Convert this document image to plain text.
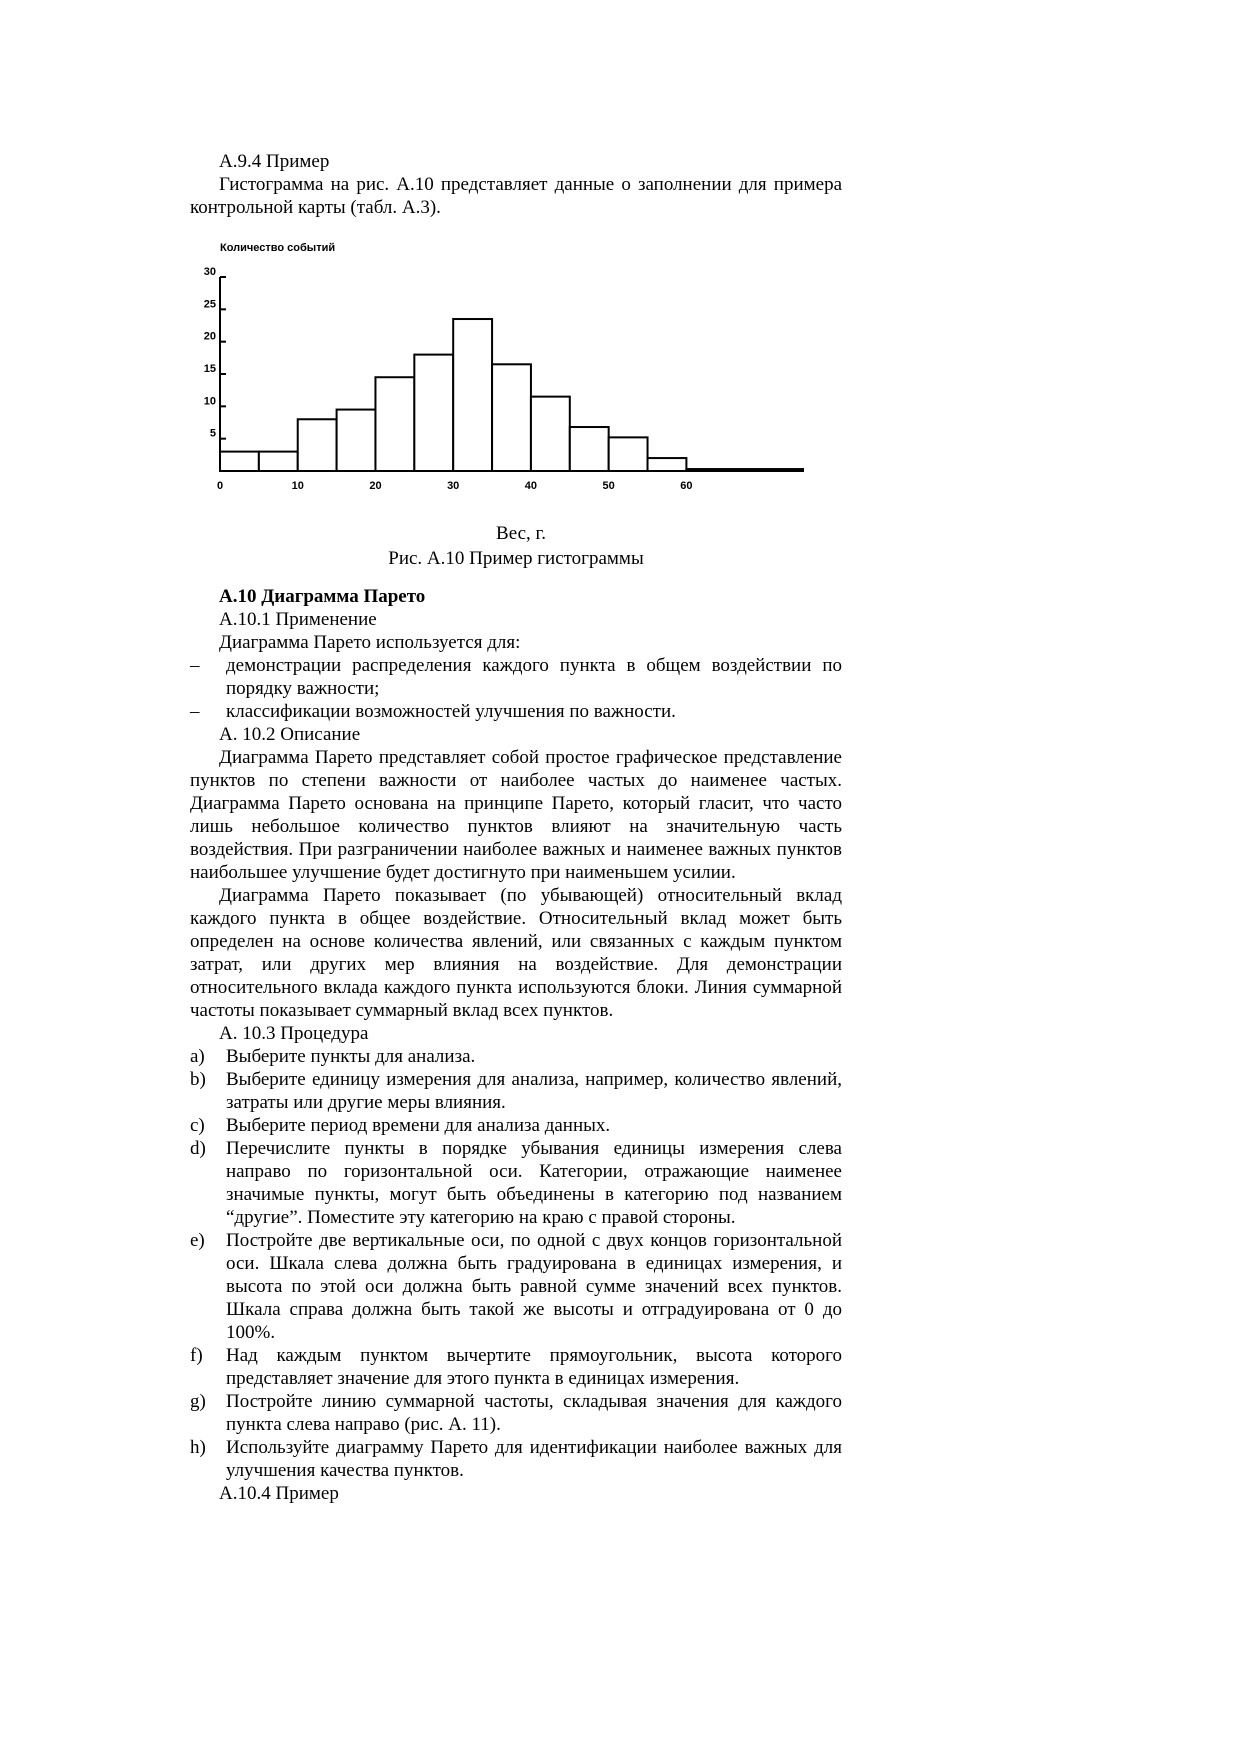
А.9.4 Пример

Гистограмма на рис. А.10 представляет данные о заполнении для примера контрольной карты (табл. А.3).

Количество событий
5
10
15
20
25
30
0	10	20	30	40	50	60
Вес, г.

Рис. А.10 Пример гистограммы

А.10 Диаграмма Парето

А.10.1 Применение

Диаграмма Парето используется для:

– демонстрации распределения каждого пункта в общем воздействии по порядку важности;
– классификации возможностей улучшения по важности.

А. 10.2 Описание

Диаграмма Парето представляет собой простое графическое представление пунктов по степени важности от наиболее частых до наименее частых. Диаграмма Парето основана на принципе Парето, который гласит, что часто лишь небольшое количество пунктов влияют на значительную часть воздействия. При разграничении наиболее важных и наименее важных пунктов наибольшее улучшение будет достигнуто при наименьшем усилии.

Диаграмма Парето показывает (по убывающей) относительный вклад каждого пункта в общее воздействие. Относительный вклад может быть определен на основе количества явлений, или связанных с каждым пунктом затрат, или других мер влияния на воздействие. Для демонстрации относительного вклада каждого пункта используются блоки. Линия суммарной частоты показывает суммарный вклад всех пунктов.

А. 10.3 Процедура

a) Выберите пункты для анализа.
b) Выберите единицу измерения для анализа, например, количество явлений, затраты или другие меры влияния.
c) Выберите период времени для анализа данных.
d) Перечислите пункты в порядке убывания единицы измерения слева направо по горизонтальной оси. Категории, отражающие наименее значимые пункты, могут быть объединены в категорию под названием “другие”. Поместите эту категорию на краю с правой стороны.
e) Постройте две вертикальные оси, по одной с двух концов горизонтальной оси. Шкала слева должна быть градуирована в единицах измерения, и высота по этой оси должна быть равной сумме значений всех пунктов. Шкала справа должна быть такой же высоты и отградуирована от 0 до 100%.
f) Над каждым пунктом вычертите прямоугольник, высота которого представляет значение для этого пункта в единицах измерения.
g) Постройте линию суммарной частоты, складывая значения для каждого пункта слева направо (рис. А. 11).
h) Используйте диаграмму Парето для идентификации наиболее важных для улучшения качества пунктов.

А.10.4 Пример
